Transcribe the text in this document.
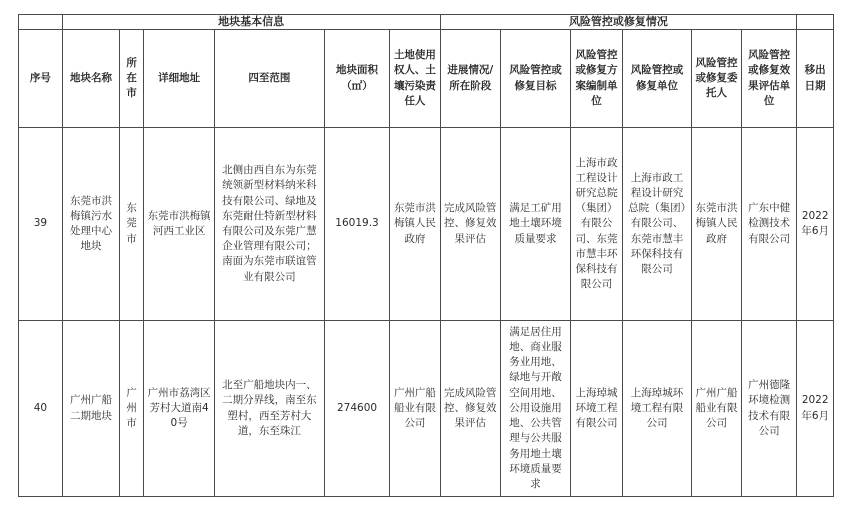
	地块基本信息						风险管控或修复情况						
序号	地块名称	所在市	详细地址	四至范围	地块面积（㎡）	土地使用权人、土壤污染责任人	进展情况/所在阶段	风险管控或修复目标	风险管控或修复方案编制单位	风险管控或修复单位	风险管控或修复委托人	风险管控或修复效果评估单位	移出日期
39	东莞市洪梅镇污水处理中心地块	东莞市	东莞市洪梅镇河西工业区	北侧由西自东为东莞统领新型材料纳米科技有限公司、绿地及东莞耐仕特新型材料有限公司及东莞广慧企业管理有限公司；南面为东莞市联谊管业有限公司	16019.3	东莞市洪梅镇人民政府	完成风险管控、修复效果评估	满足工矿用地土壤环境质量要求	上海市政工程设计研究总院（集团）有限公司、东莞市慧丰环保科技有限公司	上海市政工程设计研究总院（集团）有限公司、东莞市慧丰环保科技有限公司	东莞市洪梅镇人民政府	广东中健检测技术有限公司	2022年6月
40	广州广船二期地块	广州市	广州市荔湾区芳村大道南40号	北至广船地块内一、二期分界线，南至东塑村，西至芳村大道，东至珠江	274600	广州广船船业有限公司	完成风险管控、修复效果评估	满足居住用地、商业服务业用地、绿地与开敞空间用地、公用设施用地、公共管理与公共服务用地土壤环境质量要求	上海琸城环境工程有限公司	上海琸城环境工程有限公司	广州广船船业有限公司	广州德隆环境检测技术有限公司	2022年6月
